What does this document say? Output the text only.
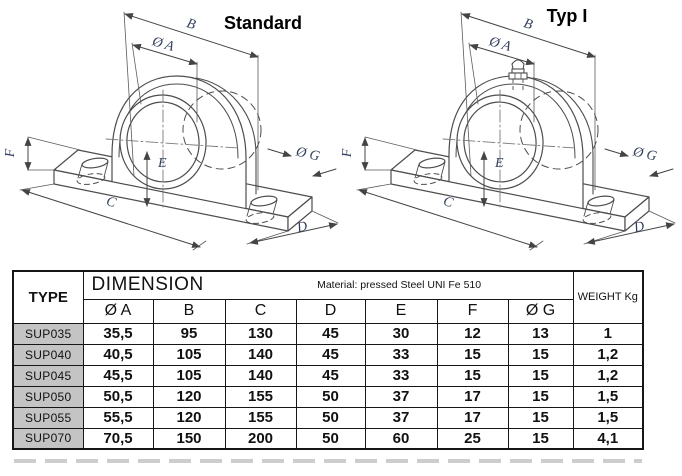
Standard
B
Ø A
F
E
C
D
Ø G
Typ I
B
Ø A
F
E
C
D
Ø G
TYPE	DIMENSION Material: pressed Steel UNI Fe 510							WEIGHT Kg
	Ø A	B	C	D	E	F	Ø G	
SUP035	35,5	95	130	45	30	12	13	1
SUP040	40,5	105	140	45	33	15	15	1,2
SUP045	45,5	105	140	45	33	15	15	1,2
SUP050	50,5	120	155	50	37	17	15	1,5
SUP055	55,5	120	155	50	37	17	15	1,5
SUP070	70,5	150	200	50	60	25	15	4,1
